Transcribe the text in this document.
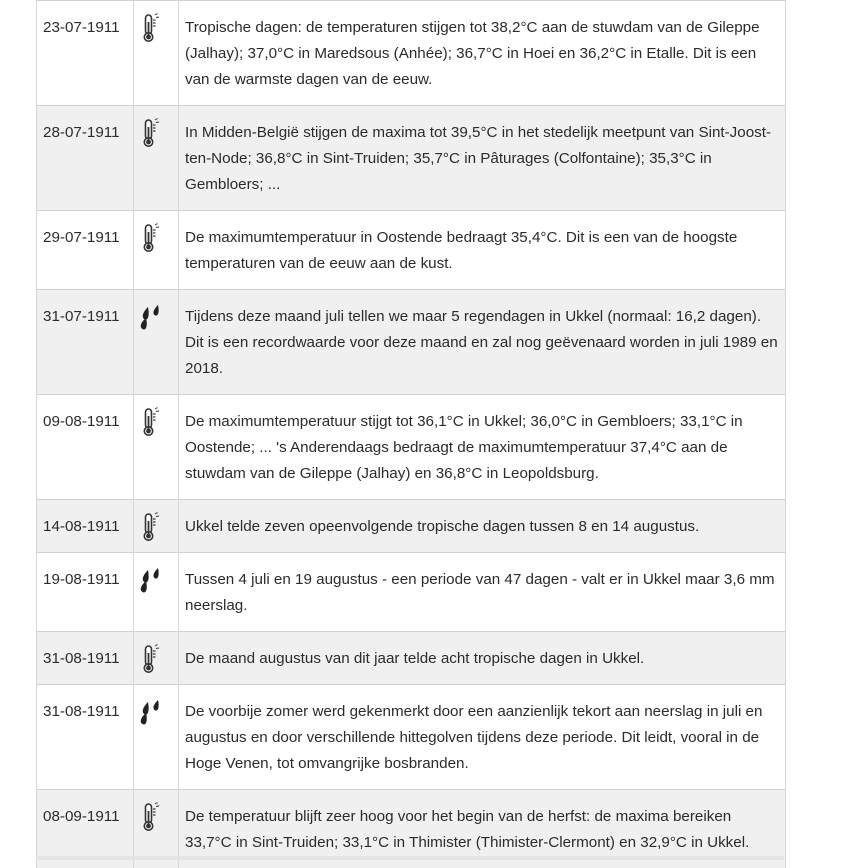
23-07-1911		Tropische dagen: de temperaturen stijgen tot 38,2°C aan de stuwdam van de Gileppe (Jalhay); 37,0°C in Maredsous (Anhée); 36,7°C in Hoei en 36,2°C in Etalle. Dit is een van de warmste dagen van de eeuw.
28-07-1911		In Midden-België stijgen de maxima tot 39,5°C in het stedelijk meetpunt van Sint-Joost-ten-Node; 36,8°C in Sint-Truiden; 35,7°C in Pâturages (Colfontaine); 35,3°C in Gembloers; ...
29-07-1911		De maximumtemperatuur in Oostende bedraagt 35,4°C. Dit is een van de hoogste temperaturen van de eeuw aan de kust.
31-07-1911		Tijdens deze maand juli tellen we maar 5 regendagen in Ukkel (normaal: 16,2 dagen). Dit is een recordwaarde voor deze maand en zal nog geëvenaard worden in juli 1989 en 2018.
09-08-1911		De maximumtemperatuur stijgt tot 36,1°C in Ukkel; 36,0°C in Gembloers; 33,1°C in Oostende; ... 's Anderendaags bedraagt de maximumtemperatuur 37,4°C aan de stuwdam van de Gileppe (Jalhay) en 36,8°C in Leopoldsburg.
14-08-1911		Ukkel telde zeven opeenvolgende tropische dagen tussen 8 en 14 augustus.
19-08-1911		Tussen 4 juli en 19 augustus - een periode van 47 dagen - valt er in Ukkel maar 3,6 mm neerslag.
31-08-1911		De maand augustus van dit jaar telde acht tropische dagen in Ukkel.
31-08-1911		De voorbije zomer werd gekenmerkt door een aanzienlijk tekort aan neerslag in juli en augustus en door verschillende hittegolven tijdens deze periode. Dit leidt, vooral in de Hoge Venen, tot omvangrijke bosbranden.
08-09-1911		De temperatuur blijft zeer hoog voor het begin van de herfst: de maxima bereiken 33,7°C in Sint-Truiden; 33,1°C in Thimister (Thimister-Clermont) en 32,9°C in Ukkel.
